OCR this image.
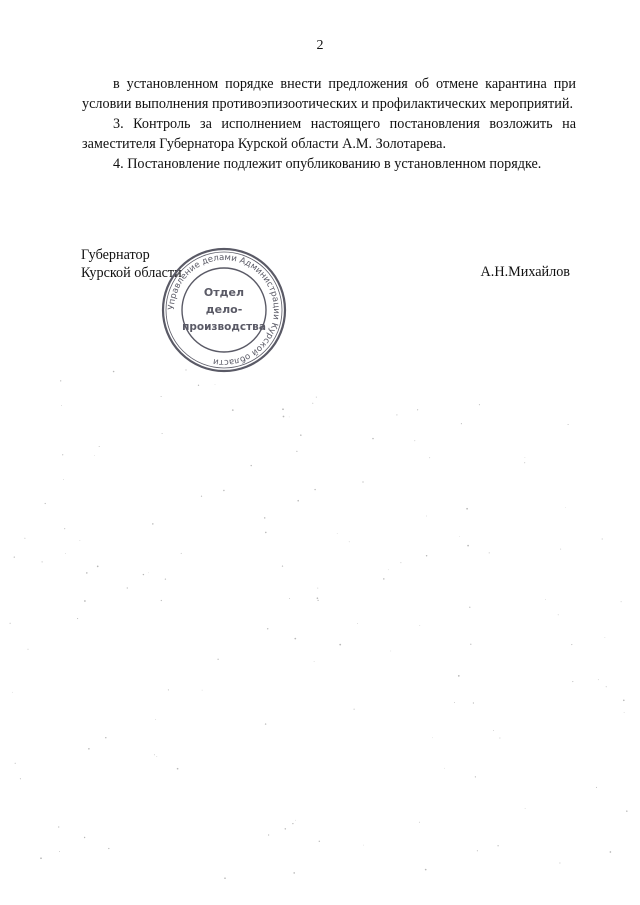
2

в установленном порядке внести предложения об отмене карантина при условии выполнения противоэпизоотических и профилактических мероприятий.

3. Контроль за исполнением настоящего постановления возложить на заместителя Губернатора Курской области А.М. Золотарева.

4. Постановление подлежит опубликованию в установленном порядке.

Губернатор
Курской области	А.Н.Михайлов
Управление делами Администрации Курской области
Отдел
дело-
производства
